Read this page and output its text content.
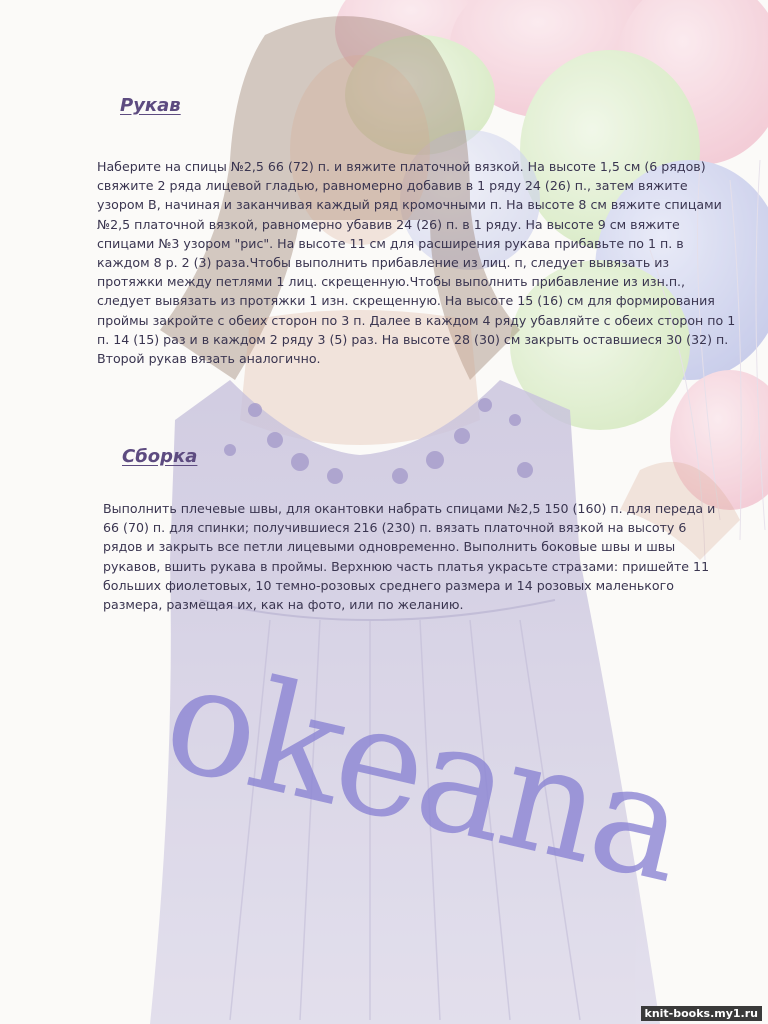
Рукав

Наберите на спицы №2,5 66 (72) п. и вяжите платочной вязкой. На высоте 1,5 см (6 рядов) свяжите 2 ряда лицевой гладью, равномерно добавив в 1 ряду 24 (26) п., затем вяжите узором B, начиная и заканчивая каждый ряд кромочными п. На высоте 8 см вяжите спицами №2,5 платочной вязкой, равномерно убавив 24 (26) п. в 1 ряду. На высоте 9 см вяжите спицами №3 узором "рис". На высоте 11 см для расширения рукава прибавьте по 1 п. в каждом 8 р. 2 (3) раза.Чтобы выполнить прибавление из лиц. п, следует вывязать из протяжки между петлями 1 лиц. скрещенную.Чтобы выполнить прибавление из изн.п., следует вывязать из протяжки 1 изн. скрещенную. На высоте 15 (16) см для формирования проймы закройте с обеих сторон по 3 п. Далее в каждом 4 ряду убавляйте с обеих сторон по 1 п. 14 (15) раз и в каждом 2 ряду 3 (5) раз. На высоте 28 (30) см закрыть оставшиеся 30 (32) п. Второй рукав вязать аналогично.

Сборка

Выполнить плечевые швы, для окантовки набрать спицами №2,5 150 (160) п. для переда и 66 (70) п. для спинки; получившиеся 216 (230) п. вязать платочной вязкой на высоту 6 рядов и закрыть все петли лицевыми одновременно. Выполнить боковые швы и швы рукавов, вшить рукава в проймы. Верхнюю часть платья украсьте стразами: пришейте 11 больших фиолетовых, 10 темно-розовых среднего размера и 14 розовых маленького размера, размещая их, как на фото, или по желанию.

okeana
knit-books.my1.ru
